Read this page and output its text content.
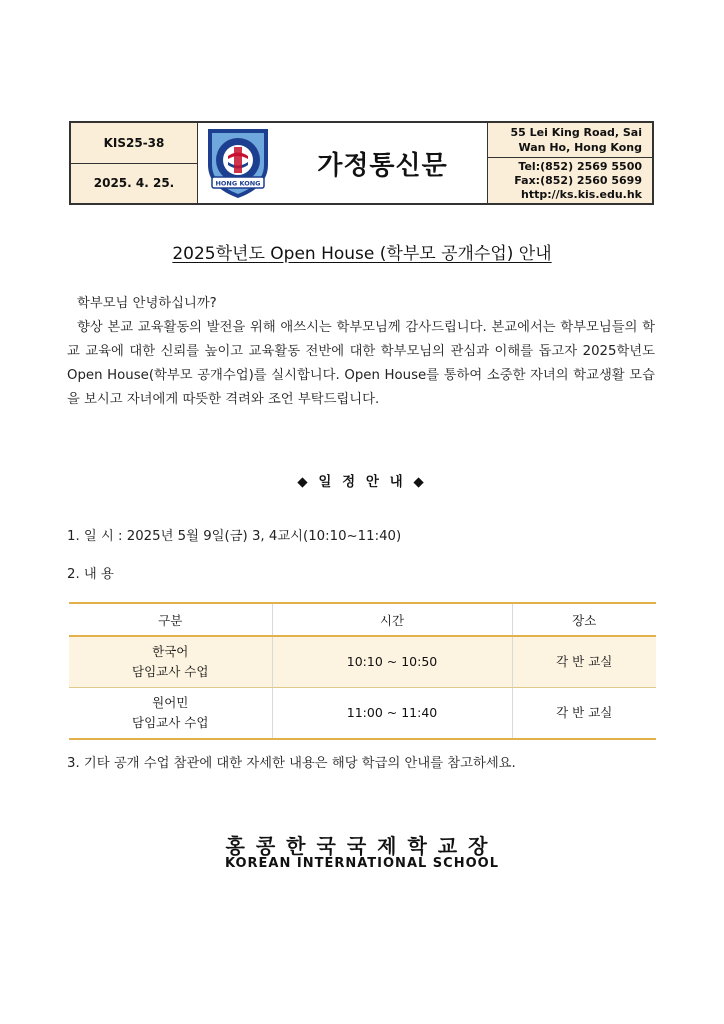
KIS25-38
2025. 4. 25.	HONG KONG
가정통신문
55 Lei King Road, Sai
Wan Ho, Hong Kong
Tel:(852) 2569 5500
Fax:(852) 2560 5699
http://ks.kis.edu.hk
2025학년도 Open House (학부모 공개수업) 안내

학부모님 안녕하십니까?

향상 본교 교육활동의 발전을 위해 애쓰시는 학부모님께 감사드립니다. 본교에서는 학부모님들의 학교 교육에 대한 신뢰를 높이고 교육활동 전반에 대한 학부모님의 관심과 이해를 돕고자 2025학년도 Open House(학부모 공개수업)를 실시합니다. Open House를 통하여 소중한 자녀의 학교생활 모습을 보시고 자녀에게 따뜻한 격려와 조언 부탁드립니다.

◆ 일 정 안 내 ◆
1. 일 시 : 2025년 5월 9일(금) 3, 4교시(10:10~11:40)
2. 내 용
구분	시간	장소

한국어
담임교사 수업	10:10 ~ 10:50	각 반 교실

원어민
담임교사 수업	11:00 ~ 11:40	각 반 교실
3. 기타 공개 수업 참관에 대한 자세한 내용은 해당 학급의 안내를 참고하세요.
홍콩한국국제학교장
KOREAN INTERNATIONAL SCHOOL
